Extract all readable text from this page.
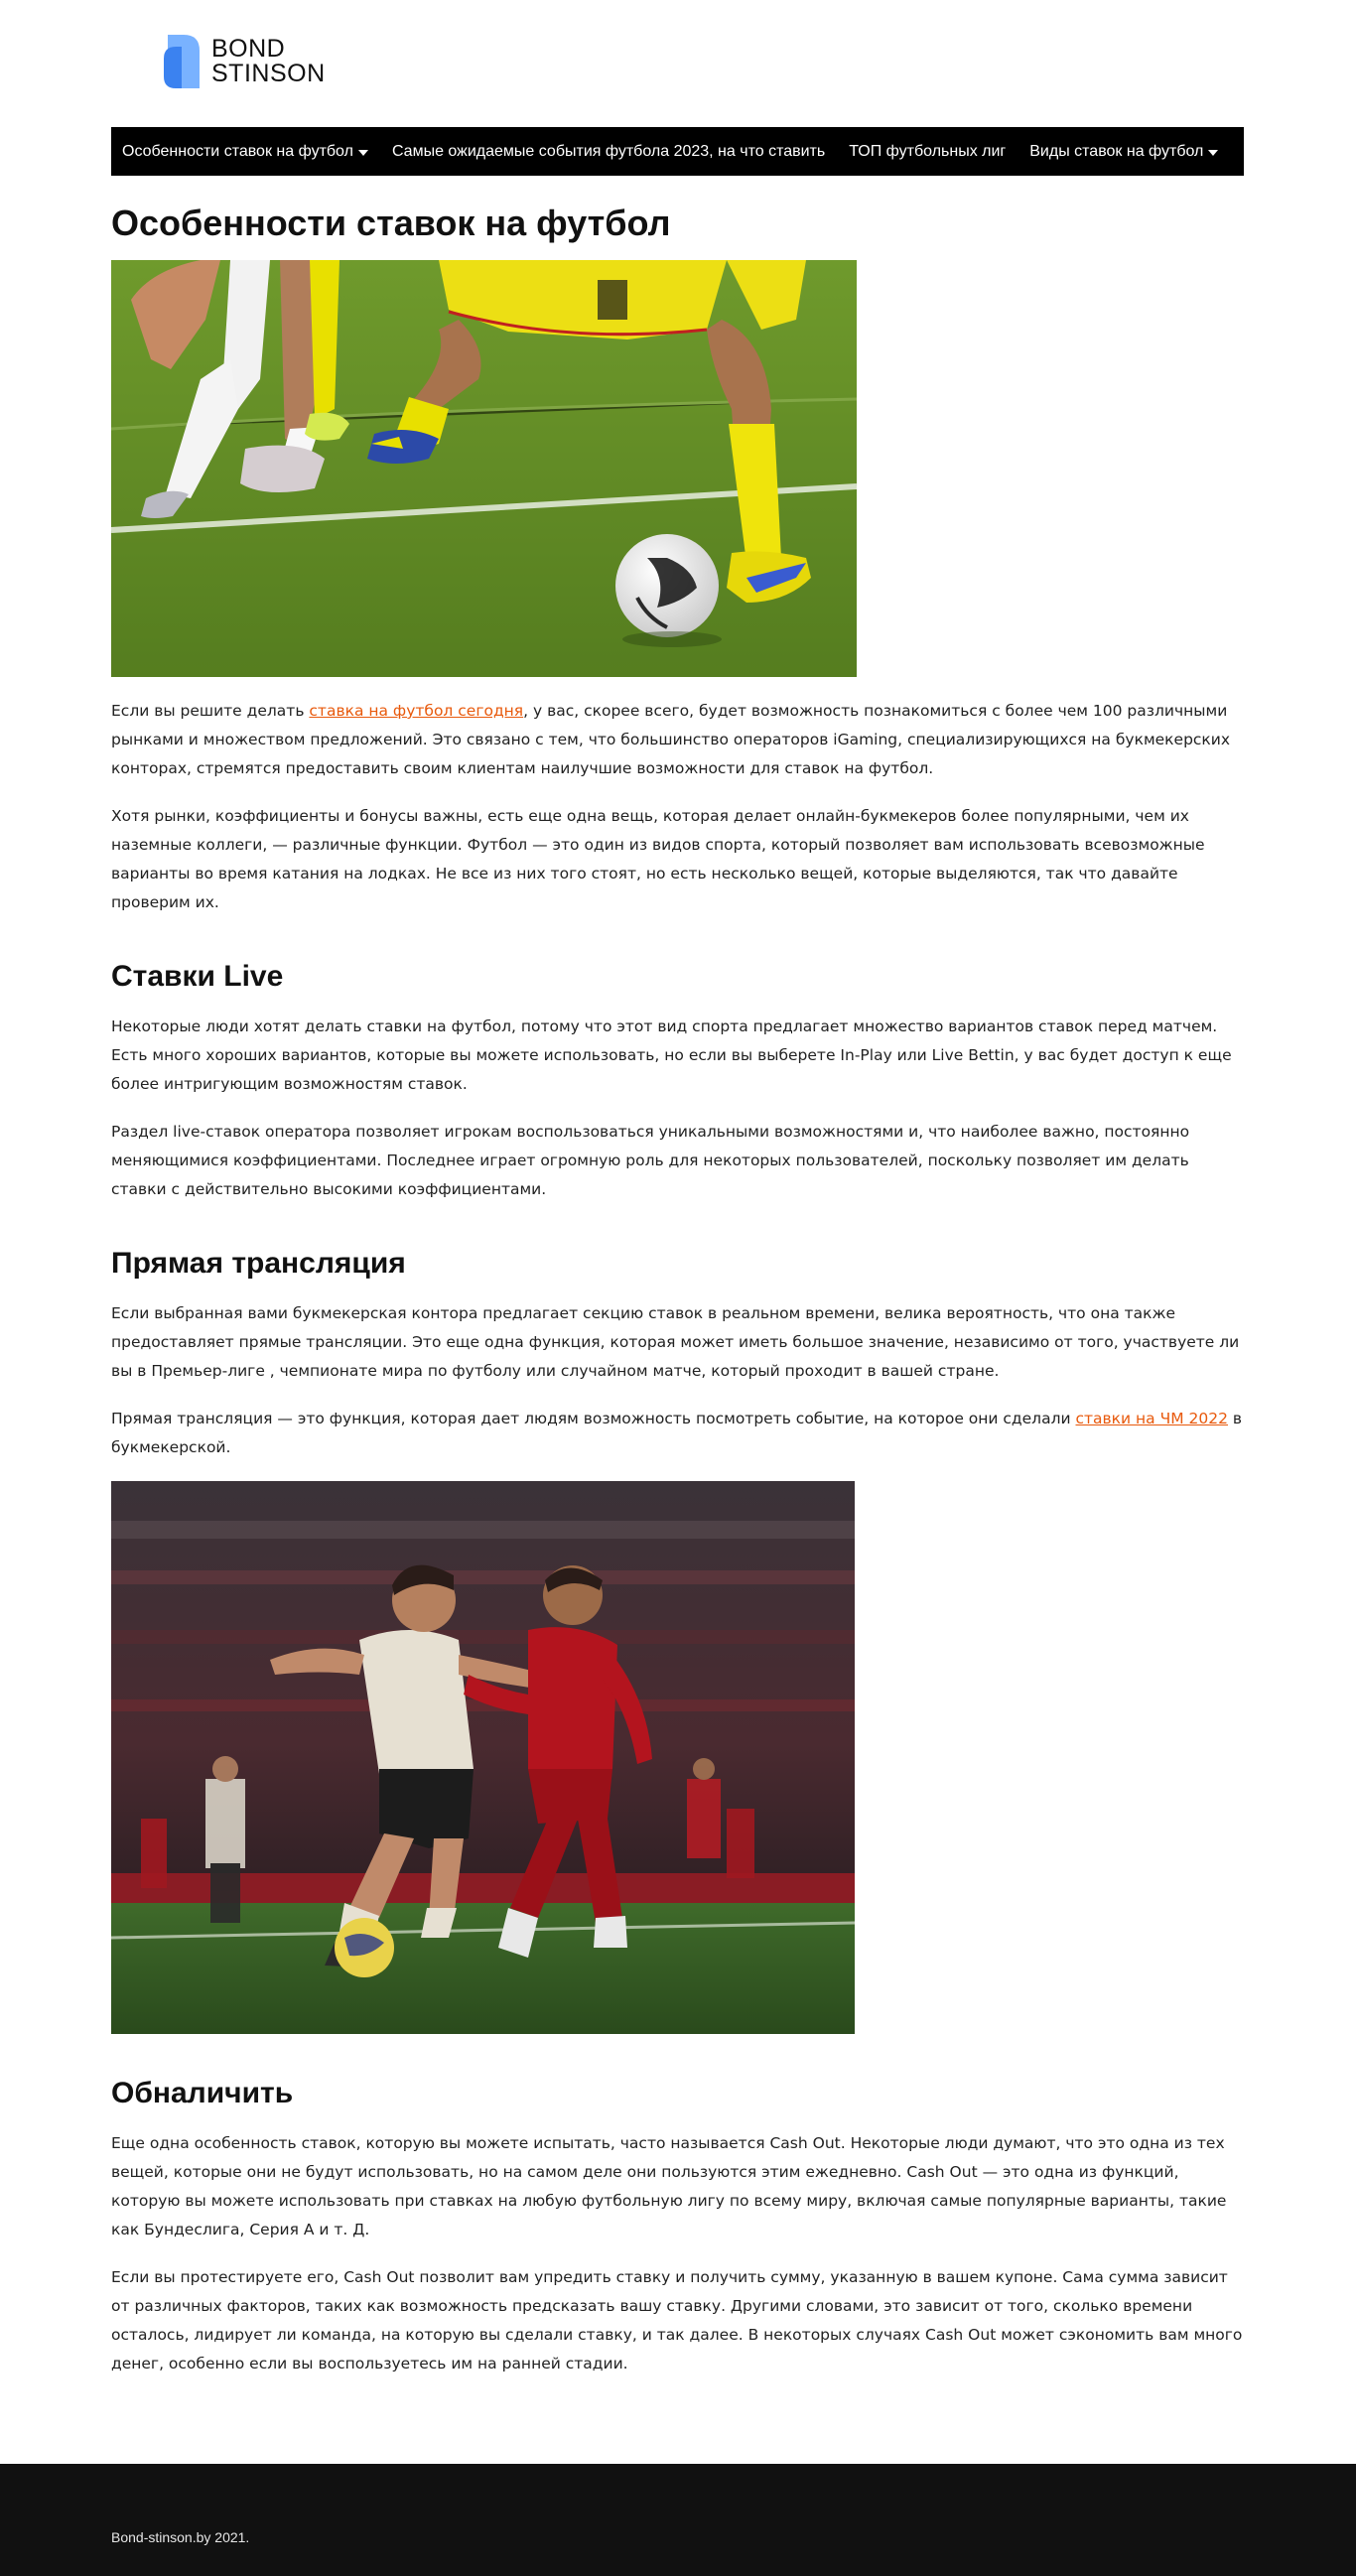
BOND
STINSON
Особенности ставок на футбол Самые ожидаемые события футбола 2023, на что ставить ТОП футбольных лиг Виды ставок на футбол
Особенности ставок на футбол

Если вы решите делать ставка на футбол сегодня, у вас, скорее всего, будет возможность познакомиться с более чем 100 различными рынками и множеством предложений. Это связано с тем, что большинство операторов iGaming, специализирующихся на букмекерских конторах, стремятся предоставить своим клиентам наилучшие возможности для ставок на футбол.

Хотя рынки, коэффициенты и бонусы важны, есть еще одна вещь, которая делает онлайн-букмекеров более популярными, чем их наземные коллеги, — различные функции. Футбол — это один из видов спорта, который позволяет вам использовать всевозможные варианты во время катания на лодках. Не все из них того стоят, но есть несколько вещей, которые выделяются, так что давайте проверим их.

Ставки Live

Некоторые люди хотят делать ставки на футбол, потому что этот вид спорта предлагает множество вариантов ставок перед матчем. Есть много хороших вариантов, которые вы можете использовать, но если вы выберете In-Play или Live Bettin, у вас будет доступ к еще более интригующим возможностям ставок.

Раздел live-ставок оператора позволяет игрокам воспользоваться уникальными возможностями и, что наиболее важно, постоянно меняющимися коэффициентами. Последнее играет огромную роль для некоторых пользователей, поскольку позволяет им делать ставки с действительно высокими коэффициентами.

Прямая трансляция

Если выбранная вами букмекерская контора предлагает секцию ставок в реальном времени, велика вероятность, что она также предоставляет прямые трансляции. Это еще одна функция, которая может иметь большое значение, независимо от того, участвуете ли вы в Премьер-лиге , чемпионате мира по футболу или случайном матче, который проходит в вашей стране.

Прямая трансляция — это функция, которая дает людям возможность посмотреть событие, на которое они сделали ставки на ЧМ 2022 в букмекерской.

Обналичить

Еще одна особенность ставок, которую вы можете испытать, часто называется Cash Out. Некоторые люди думают, что это одна из тех вещей, которые они не будут использовать, но на самом деле они пользуются этим ежедневно. Cash Out — это одна из функций, которую вы можете использовать при ставках на любую футбольную лигу по всему миру, включая самые популярные варианты, такие как Бундеслига, Серия А и т. Д.

Если вы протестируете его, Cash Out позволит вам упредить ставку и получить сумму, указанную в вашем купоне. Сама сумма зависит от различных факторов, таких как возможность предсказать вашу ставку. Другими словами, это зависит от того, сколько времени осталось, лидирует ли команда, на которую вы сделали ставку, и так далее. В некоторых случаях Cash Out может сэкономить вам много денег, особенно если вы воспользуетесь им на ранней стадии.

Bond-stinson.by 2021.
